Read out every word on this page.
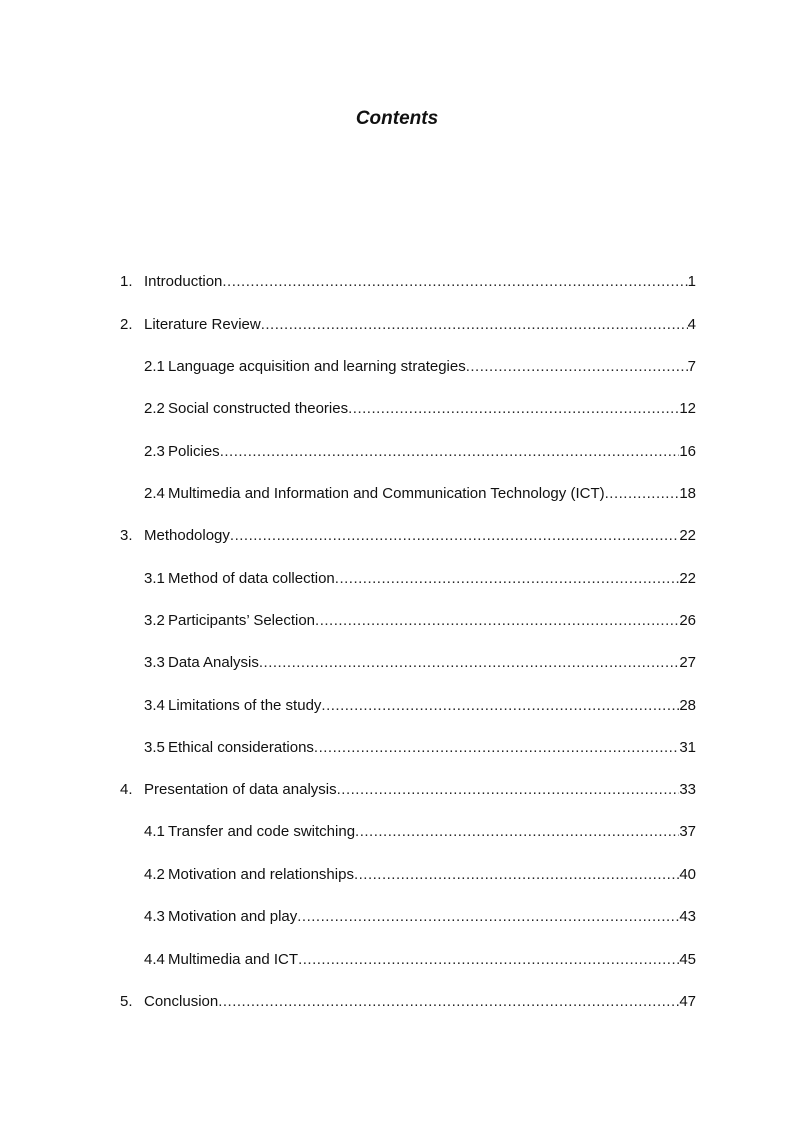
Contents
1. Introduction .....	1
2. Literature Review .....	4
2.1 Language acquisition and learning strategies .....	7
2.2 Social constructed theories .....	12
2.3 Policies .....	16
2.4 Multimedia and Information and Communication Technology (ICT) .....	18
3. Methodology .....	22
3.1 Method of data collection .....	22
3.2 Participants’ Selection .....	26
3.3 Data Analysis .....	27
3.4 Limitations of the study .....	28
3.5 Ethical considerations .....	31
4. Presentation of data analysis .....	33
4.1 Transfer and code switching .....	37
4.2 Motivation and relationships .....	40
4.3 Motivation and play .....	43
4.4 Multimedia and ICT .....	45
5. Conclusion .....	47
